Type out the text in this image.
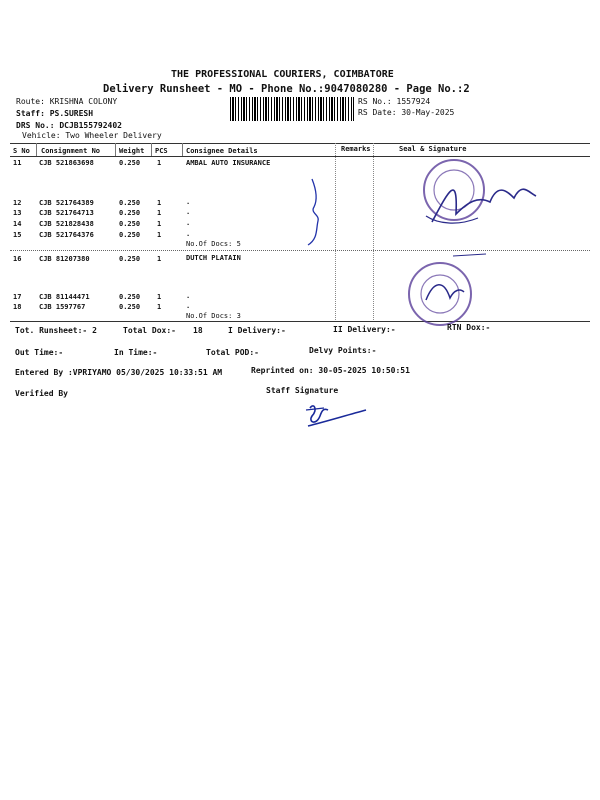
THE PROFESSIONAL COURIERS, COIMBATORE
Delivery Runsheet - MO - Phone No.:9047080280 - Page No.:2
Route: KRISHNA COLONY
Staff: PS.SURESH
DRS No.: DCJB155792402
Vehicle: Two Wheeler Delivery
RS No.: 1557924
RS Date: 30-May-2025
S No Consignment No	Weight PCS	Consignee Details	Remarks	Seal & Signature
11	CJB 521863698	0.250 1	AMBAL AUTO INSURANCE
12	CJB 521764389	0.250 1	.
13	CJB 521764713	0.250 1	.
14	CJB 521828438	0.250 1	.
15	CJB 521764376	0.250 1	.
No.Of Docs: 5
16	CJB 81207380	0.250 1	DUTCH PLATAIN
17	CJB 81144471	0.250 1	.
18	CJB 1597767	0.250 1	.
No.Of Docs: 3
Tot. Runsheet:- 2	Total Dox:- 18	I Delivery:-	II Delivery:-	RTN Dox:-
Out Time:-	In Time:-	Total POD:-	Delvy Points:-
Entered By :VPRIYAMO 05/30/2025 10:33:51 AM	Reprinted on: 30-05-2025 10:50:51
Verified By	Staff Signature
